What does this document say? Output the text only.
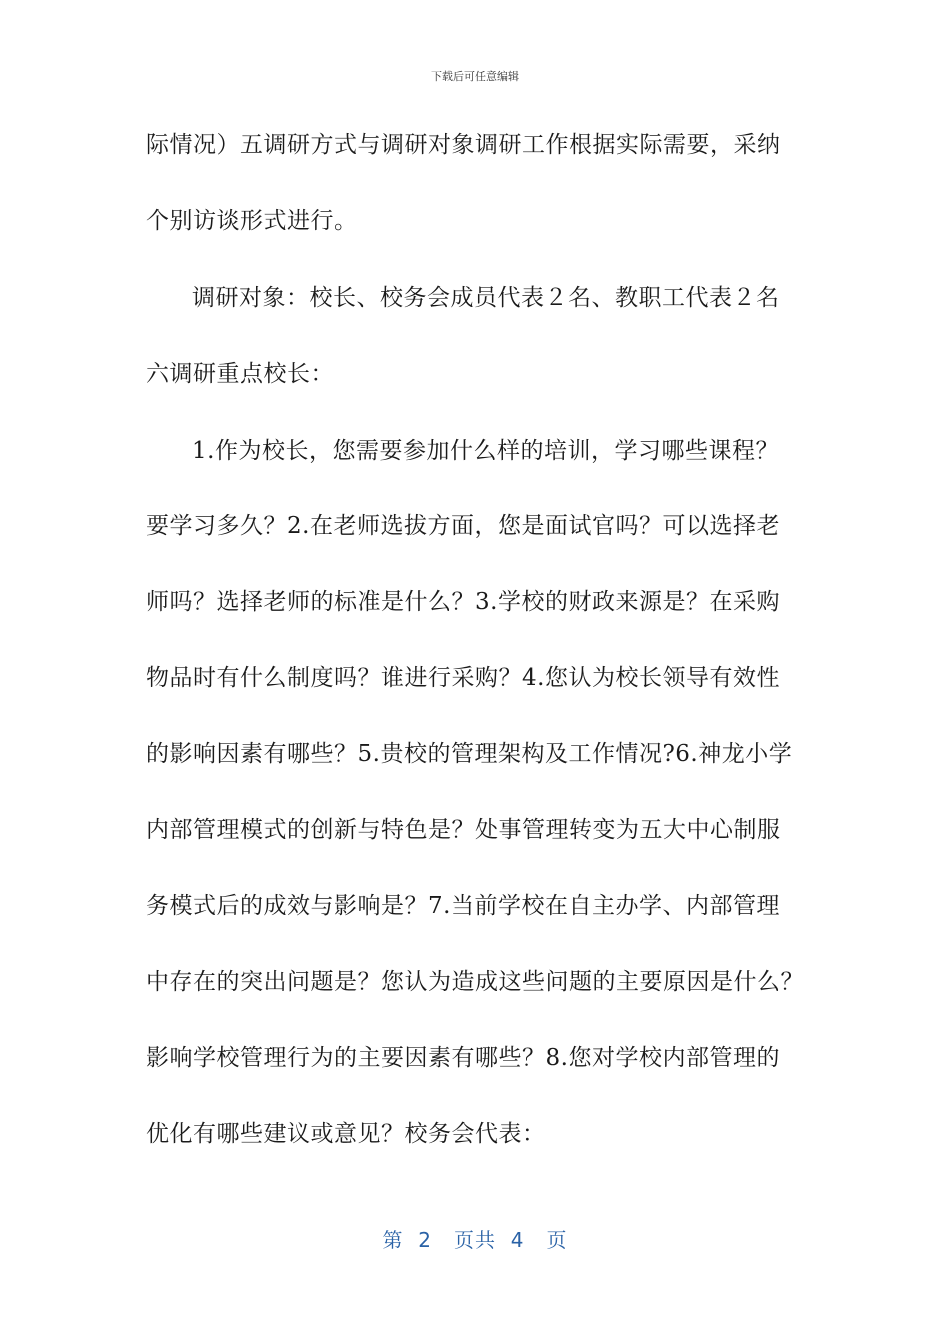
下载后可任意编辑
际情况）五调研方式与调研对象调研工作根据实际需要，采纳
个别访谈形式进行。
调研对象：校长、校务会成员代表２名、教职工代表２名
六调研重点校长：
1.作为校长，您需要参加什么样的培训，学习哪些课程？
要学习多久？2.在老师选拔方面，您是面试官吗？可以选择老
师吗？选择老师的标准是什么？3.学校的财政来源是？在采购
物品时有什么制度吗？谁进行采购？4.您认为校长领导有效性
的影响因素有哪些？5.贵校的管理架构及工作情况?6.神龙小学
内部管理模式的创新与特色是？处事管理转变为五大中心制服
务模式后的成效与影响是？7.当前学校在自主办学、内部管理
中存在的突出问题是？您认为造成这些问题的主要原因是什么？
影响学校管理行为的主要因素有哪些？8.您对学校内部管理的
优化有哪些建议或意见？校务会代表：
第 2 页共 4 页
